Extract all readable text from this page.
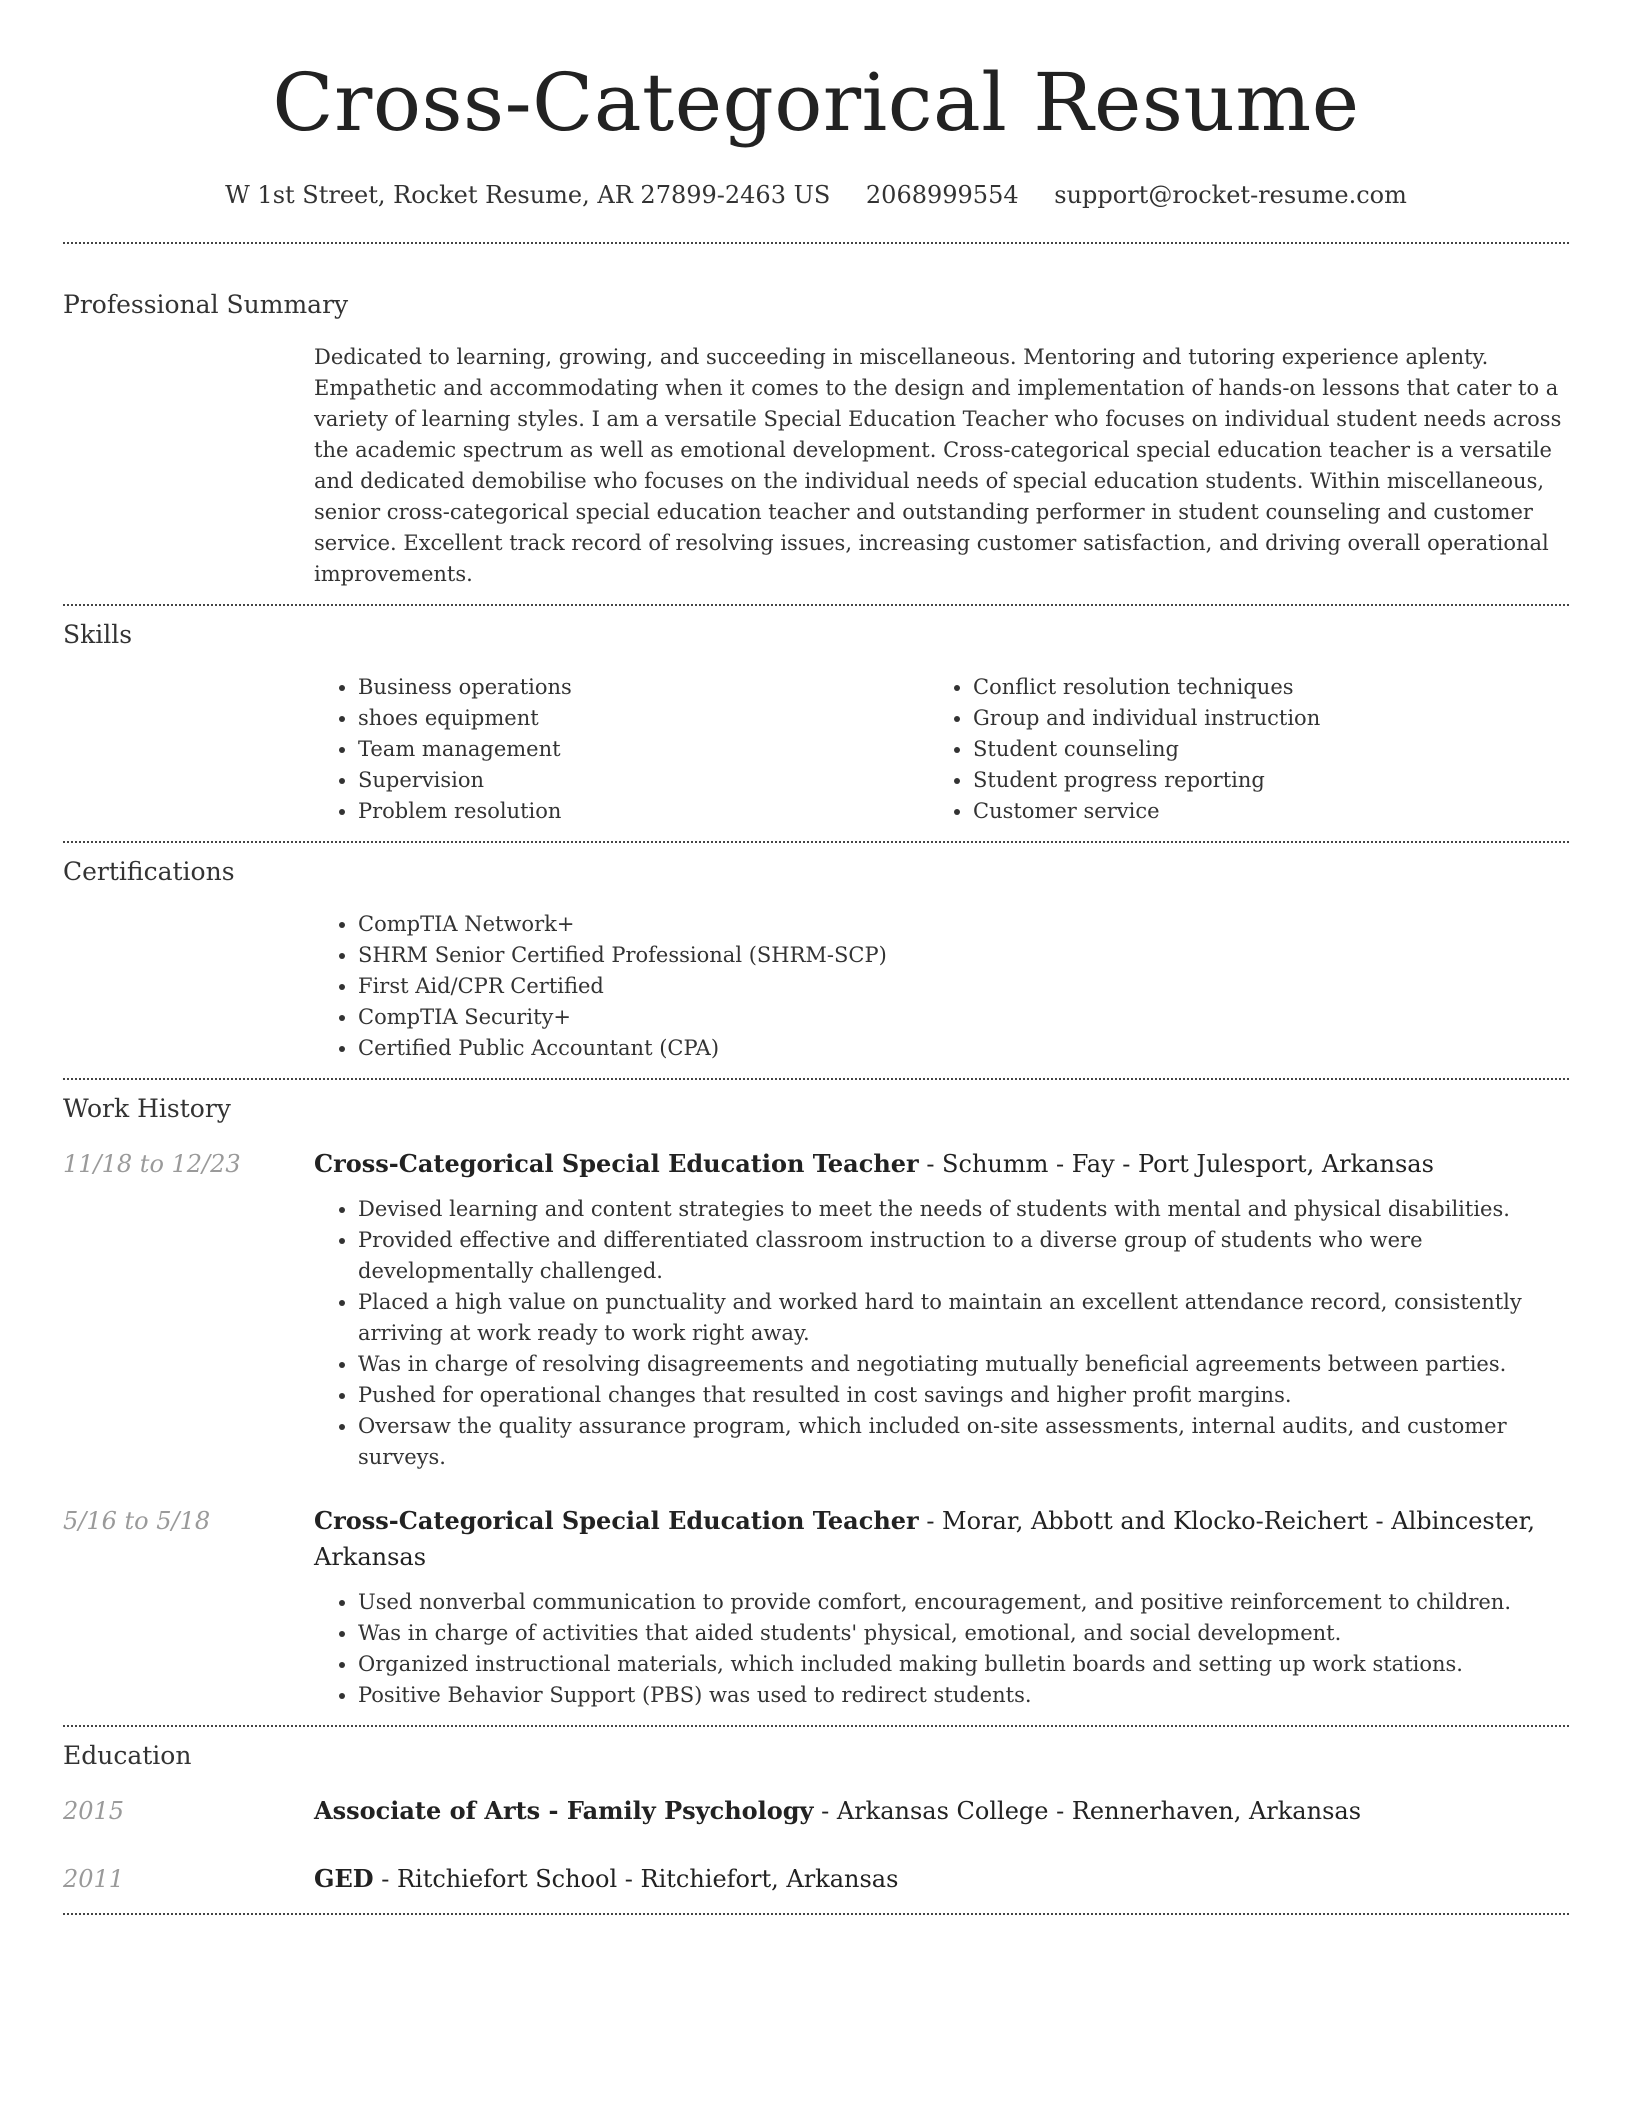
Cross-Categorical Resume
W 1st Street, Rocket Resume, AR 27899-2463 US 2068999554 support@rocket-resume.com
Professional Summary

Dedicated to learning, growing, and succeeding in miscellaneous. Mentoring and tutoring experience aplenty. Empathetic and accommodating when it comes to the design and implementation of hands-on lessons that cater to a variety of learning styles. I am a versatile Special Education Teacher who focuses on individual student needs across the academic spectrum as well as emotional development. Cross-categorical special education teacher is a versatile and dedicated demobilise who focuses on the individual needs of special education students. Within miscellaneous, senior cross-categorical special education teacher and outstanding performer in student counseling and customer service. Excellent track record of resolving issues, increasing customer satisfaction, and driving overall operational improvements.

Skills
• Business operations
• shoes equipment
• Team management
• Supervision
• Problem resolution
• Conflict resolution techniques
• Group and individual instruction
• Student counseling
• Student progress reporting
• Customer service
Certifications
• CompTIA Network+
• SHRM Senior Certified Professional (SHRM-SCP)
• First Aid/CPR Certified
• CompTIA Security+
• Certified Public Accountant (CPA)
Work History
11/18 to 12/23	Cross-Categorical Special Education Teacher - Schumm - Fay - Port Julesport, Arkansas
• Devised learning and content strategies to meet the needs of students with mental and physical disabilities.
• Provided effective and differentiated classroom instruction to a diverse group of students who were developmentally challenged.
• Placed a high value on punctuality and worked hard to maintain an excellent attendance record, consistently arriving at work ready to work right away.
• Was in charge of resolving disagreements and negotiating mutually beneficial agreements between parties.
• Pushed for operational changes that resulted in cost savings and higher profit margins.
• Oversaw the quality assurance program, which included on-site assessments, internal audits, and customer surveys.
5/16 to 5/18	Cross-Categorical Special Education Teacher - Morar, Abbott and Klocko-Reichert - Albincester, Arkansas
• Used nonverbal communication to provide comfort, encouragement, and positive reinforcement to children.
• Was in charge of activities that aided students' physical, emotional, and social development.
• Organized instructional materials, which included making bulletin boards and setting up work stations.
• Positive Behavior Support (PBS) was used to redirect students.
Education
2015	Associate of Arts - Family Psychology - Arkansas College - Rennerhaven, Arkansas
2011	GED - Ritchiefort School - Ritchiefort, Arkansas
